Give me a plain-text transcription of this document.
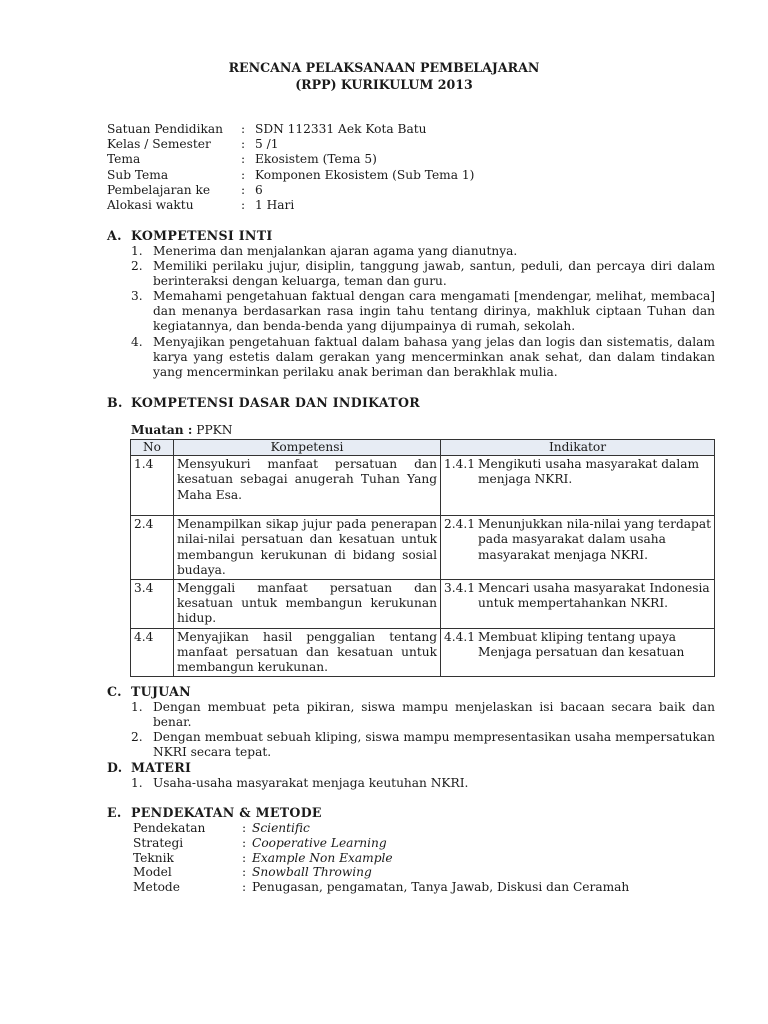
RENCANA PELAKSANAAN PEMBELAJARAN
(RPP) KURIKULUM 2013
Satuan Pendidikan	: SDN 112331 Aek Kota Batu
Kelas / Semester	: 5 /1
Tema	: Ekosistem (Tema 5)
Sub Tema	: Komponen Ekosistem (Sub Tema 1)
Pembelajaran ke	: 6
Alokasi waktu	: 1 Hari
A. KOMPETENSI INTI
1. Menerima dan menjalankan ajaran agama yang dianutnya.
2. Memiliki perilaku jujur, disiplin, tanggung jawab, santun, peduli, dan percaya diri dalam berinteraksi dengan keluarga, teman dan guru.
3. Memahami pengetahuan faktual dengan cara mengamati [mendengar, melihat, membaca] dan menanya berdasarkan rasa ingin tahu tentang dirinya, makhluk ciptaan Tuhan dan kegiatannya, dan benda-benda yang dijumpainya di rumah, sekolah.
4. Menyajikan pengetahuan faktual dalam bahasa yang jelas dan logis dan sistematis, dalam karya yang estetis dalam gerakan yang mencerminkan anak sehat, dan dalam tindakan yang mencerminkan perilaku anak beriman dan berakhlak mulia.
B. KOMPETENSI DASAR DAN INDIKATOR
Muatan : PPKN
No	Kompetensi	Indikator
1.4	Mensyukuri manfaat persatuan dan kesatuan sebagai anugerah Tuhan Yang Maha Esa.	1.4.1 Mengikuti usaha masyarakat dalam menjaga NKRI.

2.4	Menampilkan sikap jujur pada penerapan nilai-nilai persatuan dan kesatuan untuk membangun kerukunan di bidang sosial budaya.	2.4.1 Menunjukkan nila-nilai yang terdapat pada masyarakat dalam usaha masyarakat menjaga NKRI.

3.4	Menggali manfaat persatuan dan kesatuan untuk membangun kerukunan hidup.	3.4.1 Mencari usaha masyarakat Indonesia untuk mempertahankan NKRI.

4.4	Menyajikan hasil penggalian tentang manfaat persatuan dan kesatuan untuk membangun kerukunan.	4.4.1 Membuat kliping tentang upaya Menjaga persatuan dan kesatuan
C. TUJUAN
1. Dengan membuat peta pikiran, siswa mampu menjelaskan isi bacaan secara baik dan benar.
2. Dengan membuat sebuah kliping, siswa mampu mempresentasikan usaha mempersatukan NKRI secara tepat.
D. MATERI
1. Usaha-usaha masyarakat menjaga keutuhan NKRI.
E. PENDEKATAN & METODE
Pendekatan	: Scientific
Strategi	: Cooperative Learning
Teknik	: Example Non Example
Model	: Snowball Throwing
Metode	: Penugasan, pengamatan, Tanya Jawab, Diskusi dan Ceramah
